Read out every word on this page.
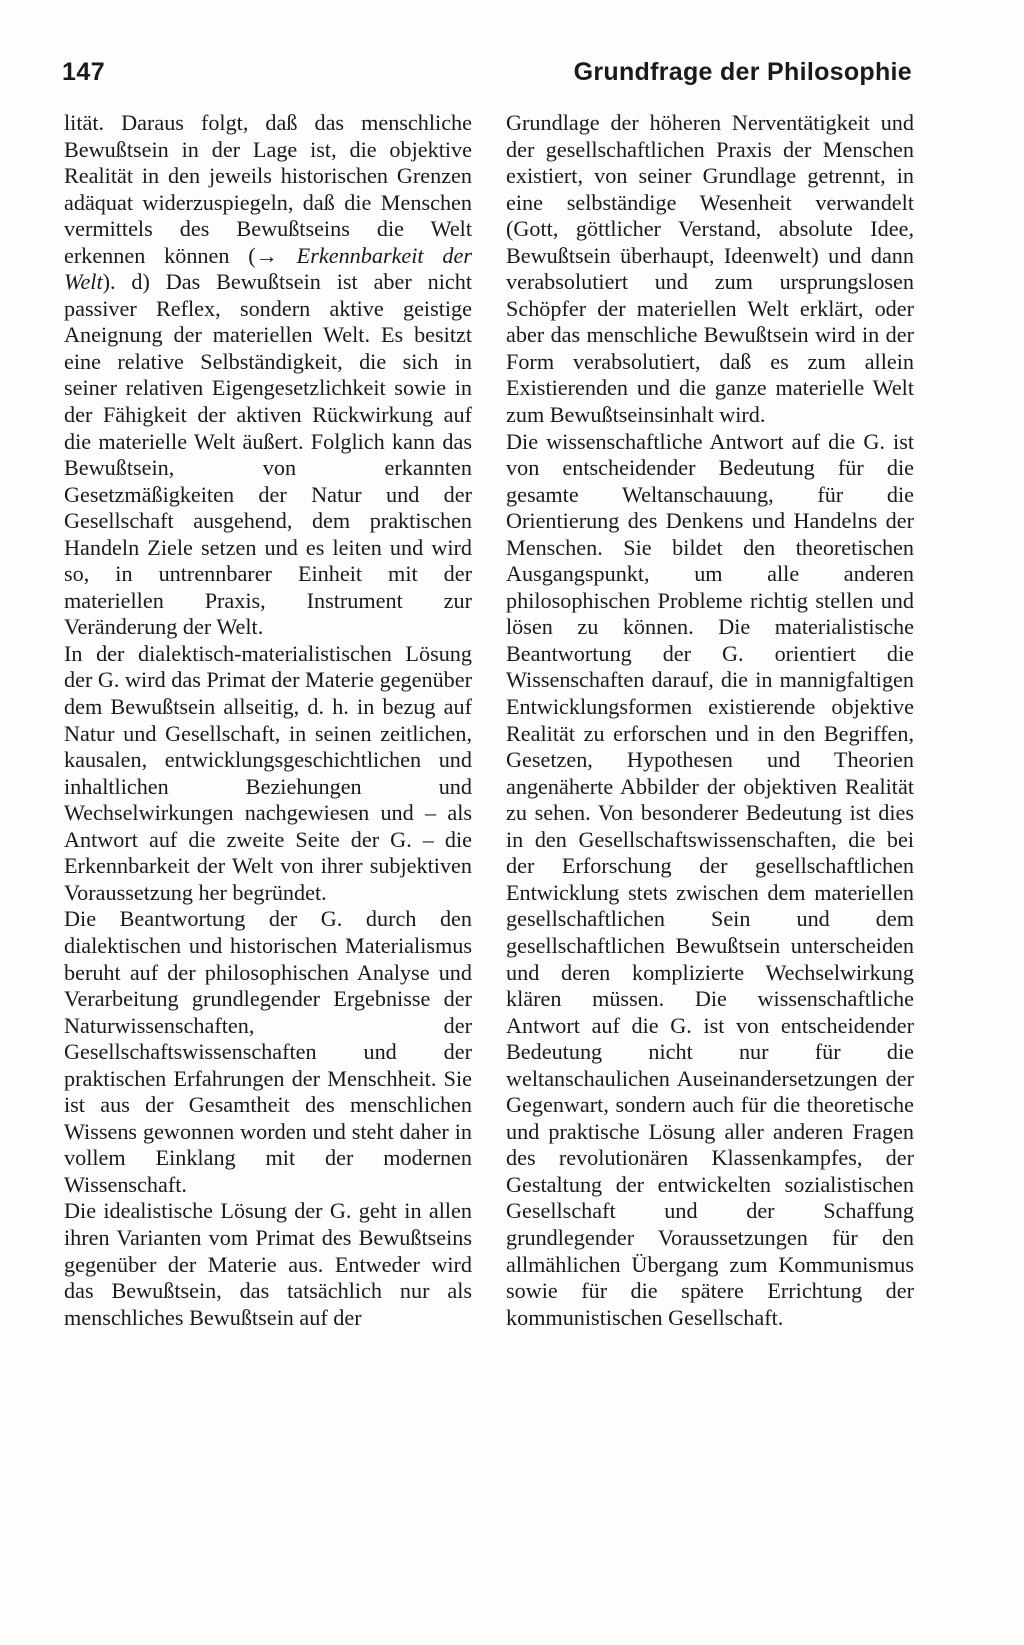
147	Grundfrage der Philosophie

lität. Daraus folgt, daß das menschliche Bewußtsein in der Lage ist, die objektive Realität in den jeweils historischen Grenzen adäquat widerzuspiegeln, daß die Menschen vermittels des Bewußtseins die Welt erkennen können (→ Erkennbarkeit der Welt). d) Das Bewußtsein ist aber nicht passiver Reflex, sondern aktive geistige Aneignung der materiellen Welt. Es besitzt eine relative Selbständigkeit, die sich in seiner relativen Eigengesetzlichkeit sowie in der Fähigkeit der aktiven Rückwirkung auf die materielle Welt äußert. Folglich kann das Bewußtsein, von erkannten Gesetzmäßigkeiten der Natur und der Gesellschaft ausgehend, dem praktischen Handeln Ziele setzen und es leiten und wird so, in untrennbarer Einheit mit der materiellen Praxis, Instrument zur Veränderung der Welt.

In der dialektisch-materialistischen Lösung der G. wird das Primat der Materie gegenüber dem Bewußtsein allseitig, d. h. in bezug auf Natur und Gesellschaft, in seinen zeitlichen, kausalen, entwicklungsgeschichtlichen und inhaltlichen Beziehungen und Wechselwirkungen nachgewiesen und – als Antwort auf die zweite Seite der G. – die Erkennbarkeit der Welt von ihrer subjektiven Voraussetzung her begründet.

Die Beantwortung der G. durch den dialektischen und historischen Materialismus beruht auf der philosophischen Analyse und Verarbeitung grundlegender Ergebnisse der Naturwissenschaften, der Gesellschaftswissenschaften und der praktischen Erfahrungen der Menschheit. Sie ist aus der Gesamtheit des menschlichen Wissens gewonnen worden und steht daher in vollem Einklang mit der modernen Wissenschaft.

Die idealistische Lösung der G. geht in allen ihren Varianten vom Primat des Bewußtseins gegenüber der Materie aus. Entweder wird das Bewußtsein, das tatsächlich nur als menschliches Bewußtsein auf der

Grundlage der höheren Nerventätigkeit und der gesellschaftlichen Praxis der Menschen existiert, von seiner Grundlage getrennt, in eine selbständige Wesenheit verwandelt (Gott, göttlicher Verstand, absolute Idee, Bewußtsein überhaupt, Ideenwelt) und dann verabsolutiert und zum ursprungslosen Schöpfer der materiellen Welt erklärt, oder aber das menschliche Bewußtsein wird in der Form verabsolutiert, daß es zum allein Existierenden und die ganze materielle Welt zum Bewußtseinsinhalt wird.

Die wissenschaftliche Antwort auf die G. ist von entscheidender Bedeutung für die gesamte Weltanschauung, für die Orientierung des Denkens und Handelns der Menschen. Sie bildet den theoretischen Ausgangspunkt, um alle anderen philosophischen Probleme richtig stellen und lösen zu können. Die materialistische Beantwortung der G. orientiert die Wissenschaften darauf, die in mannigfaltigen Entwicklungsformen existierende objektive Realität zu erforschen und in den Begriffen, Gesetzen, Hypothesen und Theorien angenäherte Abbilder der objektiven Realität zu sehen. Von besonderer Bedeutung ist dies in den Gesellschaftswissenschaften, die bei der Erforschung der gesellschaftlichen Entwicklung stets zwischen dem materiellen gesellschaftlichen Sein und dem gesellschaftlichen Bewußtsein unterscheiden und deren komplizierte Wechselwirkung klären müssen. Die wissenschaftliche Antwort auf die G. ist von entscheidender Bedeutung nicht nur für die weltanschaulichen Auseinandersetzungen der Gegenwart, sondern auch für die theoretische und praktische Lösung aller anderen Fragen des revolutionären Klassenkampfes, der Gestaltung der entwickelten sozialistischen Gesellschaft und der Schaffung grundlegender Voraussetzungen für den allmählichen Übergang zum Kommunismus sowie für die spätere Errichtung der kommunistischen Gesellschaft.
